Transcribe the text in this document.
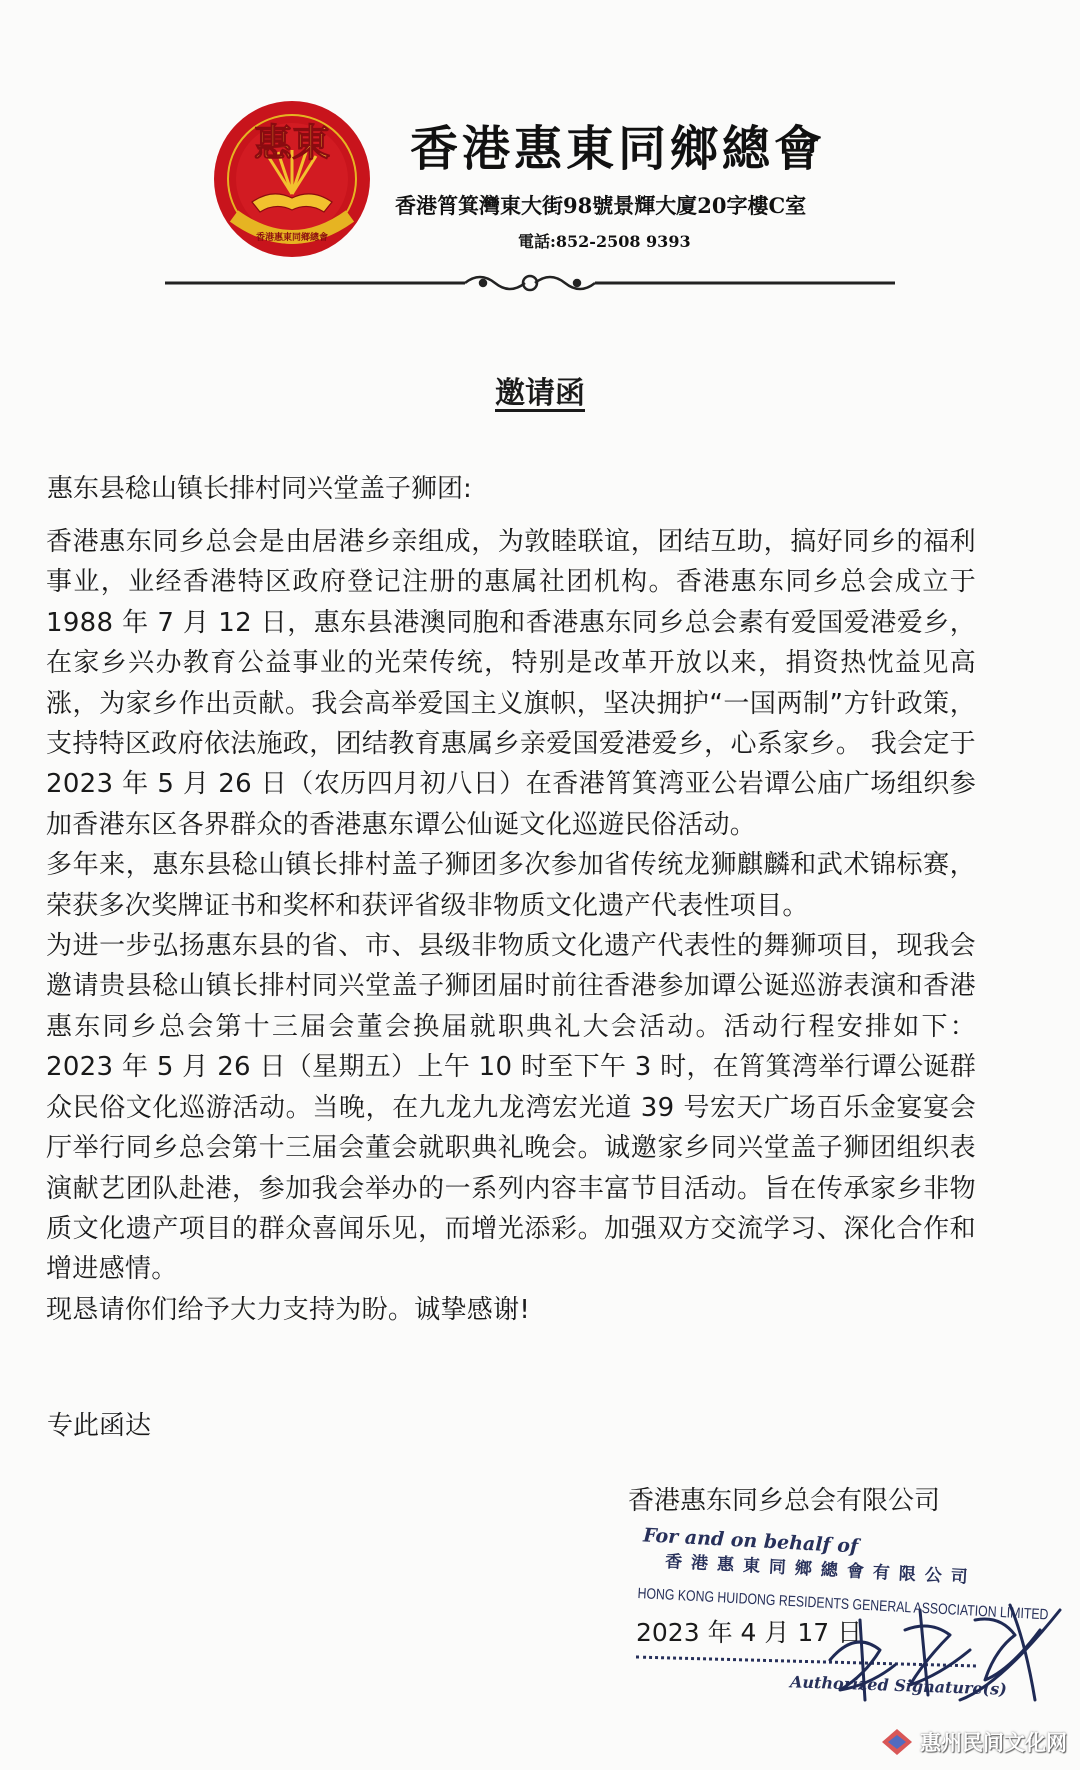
惠東
香港惠東同鄉總會
香港惠東同鄉總會
香港筲箕灣東大街98號景輝大廈20字樓C室
電話:852-2508 9393
邀请函
惠东县稔山镇长排村同兴堂盖子狮团:

香港惠东同乡总会是由居港乡亲组成，为敦睦联谊，团结互助，搞好同乡的福利事业，业经香港特区政府登记注册的惠属社团机构。香港惠东同乡总会成立于 1988 年 7 月 12 日，惠东县港澳同胞和香港惠东同乡总会素有爱国爱港爱乡，在家乡兴办教育公益事业的光荣传统，特别是改革开放以来，捐资热忱益见高涨，为家乡作出贡献。我会高举爱国主义旗帜，坚决拥护“一国两制”方针政策，支持特区政府依法施政，团结教育惠属乡亲爱国爱港爱乡，心系家乡。 我会定于 2023 年 5 月 26 日（农历四月初八日）在香港筲箕湾亚公岩谭公庙广场组织参加香港东区各界群众的香港惠东谭公仙诞文化巡遊民俗活动。

多年来，惠东县稔山镇长排村盖子狮团多次参加省传统龙狮麒麟和武术锦标赛，荣获多次奖牌证书和奖杯和获评省级非物质文化遗产代表性项目。

为进一步弘扬惠东县的省、市、县级非物质文化遗产代表性的舞狮项目，现我会邀请贵县稔山镇长排村同兴堂盖子狮团届时前往香港参加谭公诞巡游表演和香港惠东同乡总会第十三届会董会换届就职典礼大会活动。活动行程安排如下：2023 年 5 月 26 日（星期五）上午 10 时至下午 3 时，在筲箕湾举行谭公诞群众民俗文化巡游活动。当晚，在九龙九龙湾宏光道 39 号宏天广场百乐金宴宴会厅举行同乡总会第十三届会董会就职典礼晚会。诚邀家乡同兴堂盖子狮团组织表演献艺团队赴港，参加我会举办的一系列内容丰富节目活动。旨在传承家乡非物质文化遗产项目的群众喜闻乐见，而增光添彩。加强双方交流学习、深化合作和增进感情。

现恳请你们给予大力支持为盼。诚挚感谢!

专此函达
香港惠东同乡总会有限公司
For and on behalf of
香港惠東同鄉總會有限公司
HONG KONG HUIDONG RESIDENTS GENERAL ASSOCIATION LIMITED
2023 年 4 月 17 日
Authorized Signature(s)
惠州民间文化网
